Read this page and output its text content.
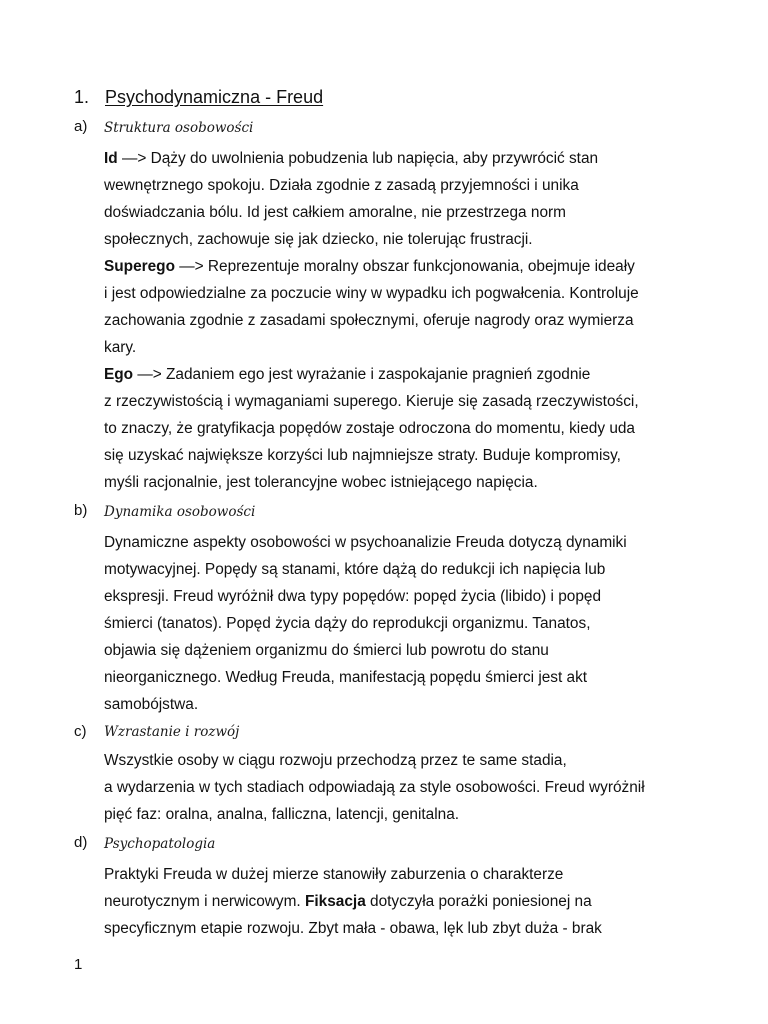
1. Psychodynamiczna - Freud
a) Struktura osobowości
Id —> Dąży do uwolnienia pobudzenia lub napięcia, aby przywrócić stan
wewnętrznego spokoju. Działa zgodnie z zasadą przyjemności i unika
doświadczania bólu. Id jest całkiem amoralne, nie przestrzega norm
społecznych, zachowuje się jak dziecko, nie tolerując frustracji.
Superego —> Reprezentuje moralny obszar funkcjonowania, obejmuje ideały
i jest odpowiedzialne za poczucie winy w wypadku ich pogwałcenia. Kontroluje
zachowania zgodnie z zasadami społecznymi, oferuje nagrody oraz wymierza
kary.
Ego —> Zadaniem ego jest wyrażanie i zaspokajanie pragnień zgodnie
z rzeczywistością i wymaganiami superego. Kieruje się zasadą rzeczywistości,
to znaczy, że gratyfikacja popędów zostaje odroczona do momentu, kiedy uda
się uzyskać największe korzyści lub najmniejsze straty. Buduje kompromisy,
myśli racjonalnie, jest tolerancyjne wobec istniejącego napięcia.
b) Dynamika osobowości
Dynamiczne aspekty osobowości w psychoanalizie Freuda dotyczą dynamiki
motywacyjnej. Popędy są stanami, które dążą do redukcji ich napięcia lub
ekspresji. Freud wyróżnił dwa typy popędów: popęd życia (libido) i popęd
śmierci (tanatos). Popęd życia dąży do reprodukcji organizmu. Tanatos,
objawia się dążeniem organizmu do śmierci lub powrotu do stanu
nieorganicznego. Według Freuda, manifestacją popędu śmierci jest akt
samobójstwa.
c) Wzrastanie i rozwój
Wszystkie osoby w ciągu rozwoju przechodzą przez te same stadia,
a wydarzenia w tych stadiach odpowiadają za style osobowości. Freud wyróżnił
pięć faz: oralna, analna, falliczna, latencji, genitalna.
d) Psychopatologia
Praktyki Freuda w dużej mierze stanowiły zaburzenia o charakterze
neurotycznym i nerwicowym. Fiksacja dotyczyła porażki poniesionej na
specyficznym etapie rozwoju. Zbyt mała - obawa, lęk lub zbyt duża - brak
1
